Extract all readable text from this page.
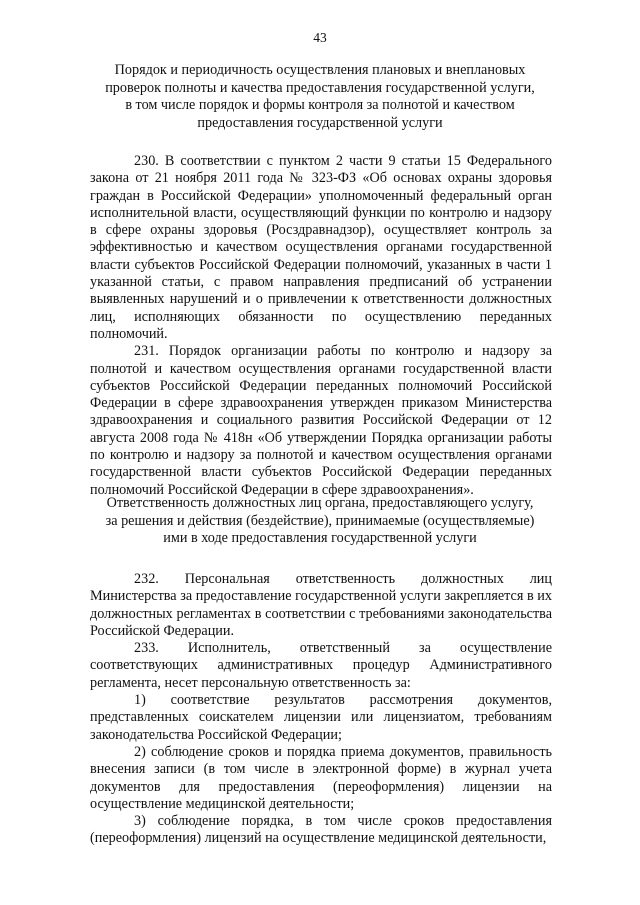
43
Порядок и периодичность осуществления плановых и внеплановых
проверок полноты и качества предоставления государственной услуги,
в том числе порядок и формы контроля за полнотой и качеством
предоставления государственной услуги

230. В соответствии с пунктом 2 части 9 статьи 15 Федерального закона от 21 ноября 2011 года № 323-ФЗ «Об основах охраны здоровья граждан в Российской Федерации» уполномоченный федеральный орган исполнительной власти, осуществляющий функции по контролю и надзору в сфере охраны здоровья (Росздравнадзор), осуществляет контроль за эффективностью и качеством осуществления органами государственной власти субъектов Российской Федерации полномочий, указанных в части 1 указанной статьи, с правом направления предписаний об устранении выявленных нарушений и о привлечении к ответственности должностных лиц, исполняющих обязанности по осуществлению переданных полномочий.

231. Порядок организации работы по контролю и надзору за полнотой и качеством осуществления органами государственной власти субъектов Российской Федерации переданных полномочий Российской Федерации в сфере здравоохранения утвержден приказом Министерства здравоохранения и социального развития Российской Федерации от 12 августа 2008 года № 418н «Об утверждении Порядка организации работы по контролю и надзору за полнотой и качеством осуществления органами государственной власти субъектов Российской Федерации переданных полномочий Российской Федерации в сфере здравоохранения».

Ответственность должностных лиц органа, предоставляющего услугу,
за решения и действия (бездействие), принимаемые (осуществляемые)
ими в ходе предоставления государственной услуги

232. Персональная ответственность должностных лиц Министерства за предоставление государственной услуги закрепляется в их должностных регламентах в соответствии с требованиями законодательства Российской Федерации.

233. Исполнитель, ответственный за осуществление соответствующих административных процедур Административного регламента, несет персональную ответственность за:

1) соответствие результатов рассмотрения документов, представленных соискателем лицензии или лицензиатом, требованиям законодательства Российской Федерации;

2) соблюдение сроков и порядка приема документов, правильность внесения записи (в том числе в электронной форме) в журнал учета документов для предоставления (переоформления) лицензии на осуществление медицинской деятельности;

3) соблюдение порядка, в том числе сроков предоставления (переоформления) лицензий на осуществление медицинской деятельности,
